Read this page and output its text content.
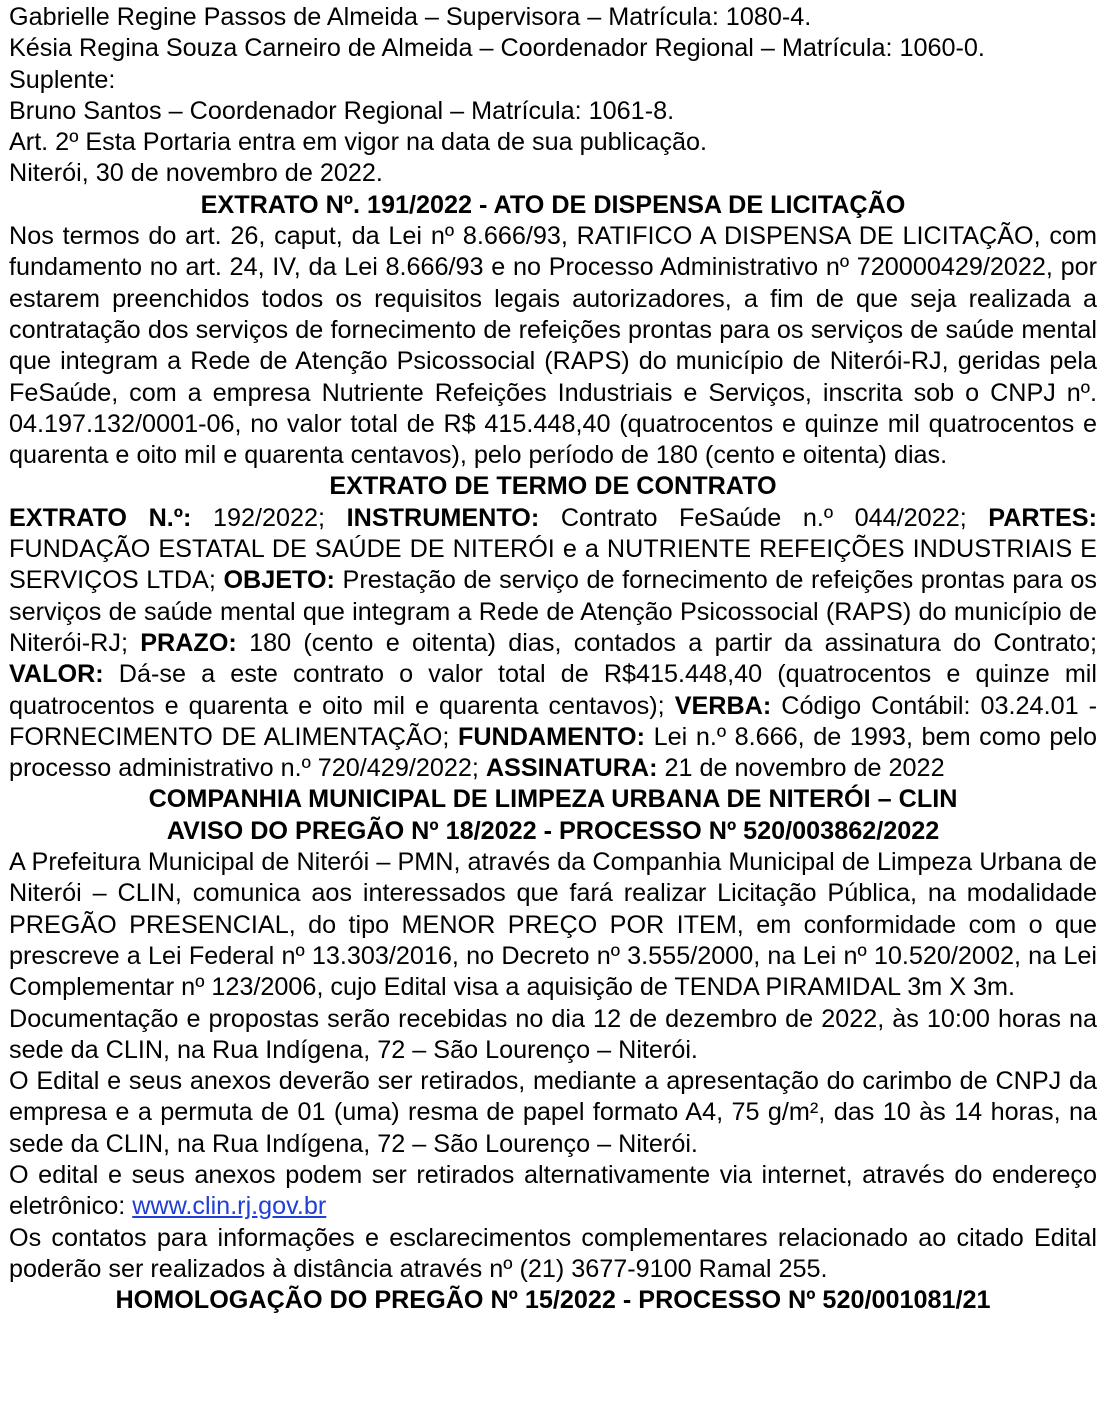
Gabrielle Regine Passos de Almeida – Supervisora – Matrícula: 1080-4.

Késia Regina Souza Carneiro de Almeida – Coordenador Regional – Matrícula: 1060-0.

Suplente:

Bruno Santos – Coordenador Regional – Matrícula: 1061-8.

Art. 2º Esta Portaria entra em vigor na data de sua publicação.

Niterói, 30 de novembro de 2022.

EXTRATO Nº. 191/2022 - ATO DE DISPENSA DE LICITAÇÃO

Nos termos do art. 26, caput, da Lei nº 8.666/93, RATIFICO A DISPENSA DE LICITAÇÃO, com fundamento no art. 24, IV, da Lei 8.666/93 e no Processo Administrativo nº 720000429/2022, por estarem preenchidos todos os requisitos legais autorizadores, a fim de que seja realizada a contratação dos serviços de fornecimento de refeições prontas para os serviços de saúde mental que integram a Rede de Atenção Psicossocial (RAPS) do município de Niterói-RJ, geridas pela FeSaúde, com a empresa Nutriente Refeições Industriais e Serviços, inscrita sob o CNPJ nº. 04.197.132/0001-06, no valor total de R$ 415.448,40 (quatrocentos e quinze mil quatrocentos e quarenta e oito mil e quarenta centavos), pelo período de 180 (cento e oitenta) dias.

EXTRATO DE TERMO DE CONTRATO

EXTRATO N.º: 192/2022; INSTRUMENTO: Contrato FeSaúde n.º 044/2022; PARTES: FUNDAÇÃO ESTATAL DE SAÚDE DE NITERÓI e a NUTRIENTE REFEIÇÕES INDUSTRIAIS E SERVIÇOS LTDA; OBJETO: Prestação de serviço de fornecimento de refeições prontas para os serviços de saúde mental que integram a Rede de Atenção Psicossocial (RAPS) do município de Niterói-RJ; PRAZO: 180 (cento e oitenta) dias, contados a partir da assinatura do Contrato; VALOR: Dá-se a este contrato o valor total de R$415.448,40 (quatrocentos e quinze mil quatrocentos e quarenta e oito mil e quarenta centavos); VERBA: Código Contábil: 03.24.01 - FORNECIMENTO DE ALIMENTAÇÃO; FUNDAMENTO: Lei n.º 8.666, de 1993, bem como pelo processo administrativo n.º 720/429/2022; ASSINATURA: 21 de novembro de 2022

COMPANHIA MUNICIPAL DE LIMPEZA URBANA DE NITERÓI – CLIN

AVISO DO PREGÃO Nº 18/2022 - PROCESSO Nº 520/003862/2022

A Prefeitura Municipal de Niterói – PMN, através da Companhia Municipal de Limpeza Urbana de Niterói – CLIN, comunica aos interessados que fará realizar Licitação Pública, na modalidade PREGÃO PRESENCIAL, do tipo MENOR PREÇO POR ITEM, em conformidade com o que prescreve a Lei Federal nº 13.303/2016, no Decreto nº 3.555/2000, na Lei nº 10.520/2002, na Lei Complementar nº 123/2006, cujo Edital visa a aquisição de TENDA PIRAMIDAL 3m X 3m.

Documentação e propostas serão recebidas no dia 12 de dezembro de 2022, às 10:00 horas na sede da CLIN, na Rua Indígena, 72 – São Lourenço – Niterói.

O Edital e seus anexos deverão ser retirados, mediante a apresentação do carimbo de CNPJ da empresa e a permuta de 01 (uma) resma de papel formato A4, 75 g/m², das 10 às 14 horas, na sede da CLIN, na Rua Indígena, 72 – São Lourenço – Niterói.

O edital e seus anexos podem ser retirados alternativamente via internet, através do endereço eletrônico: www.clin.rj.gov.br

Os contatos para informações e esclarecimentos complementares relacionado ao citado Edital poderão ser realizados à distância através nº (21) 3677-9100 Ramal 255.

HOMOLOGAÇÃO DO PREGÃO Nº 15/2022 - PROCESSO Nº 520/001081/21
